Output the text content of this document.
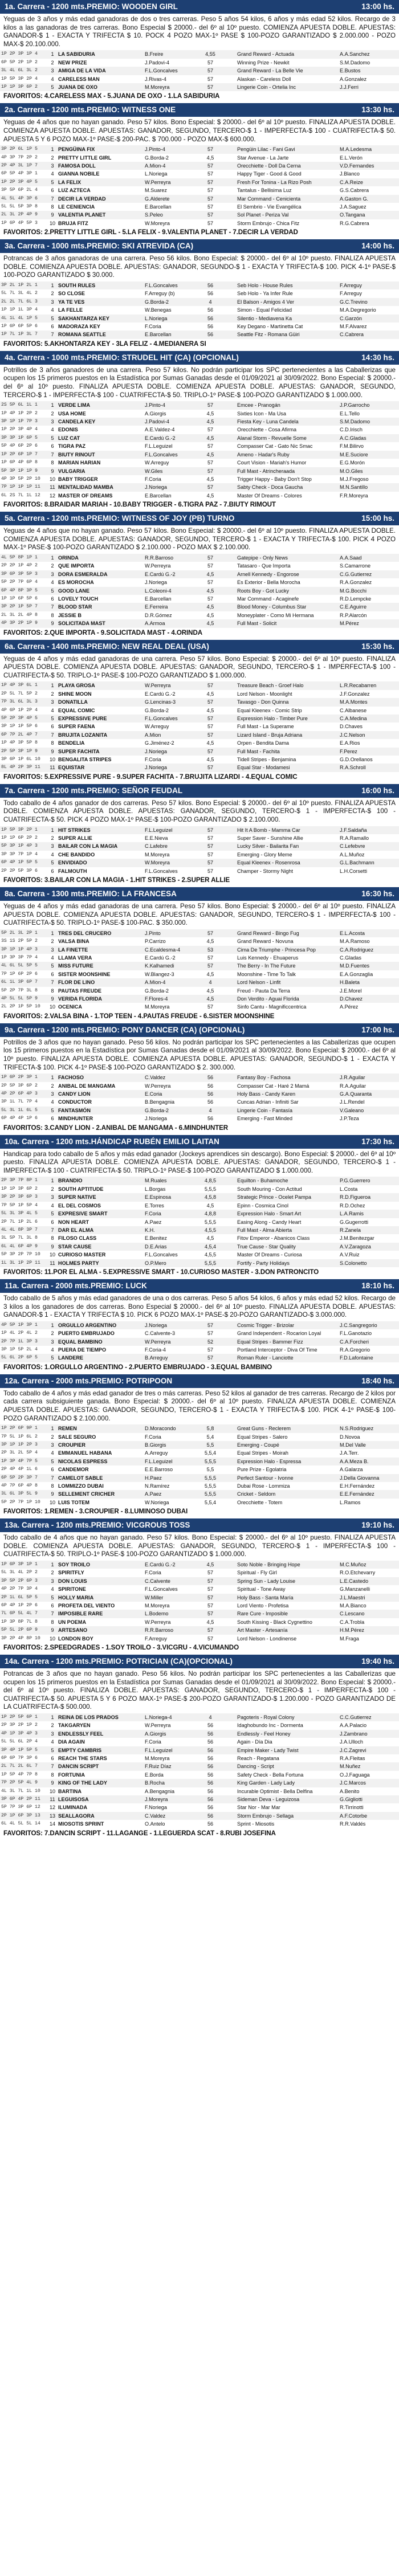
1a. Carrera - 1200 mts.PREMIO: WOODEN GIRL	13:00 hs.

Yeguas de 3 años y más edad ganadoras de dos o tres carreras. Peso 5 años 54 kilos, 6 años y más edad 52 kilos. Recargo de 3 kilos a las ganadoras de tres carreras. Bono Especial $ 20000.- del 6º al 10º puesto. COMIENZA APUESTA DOBLE. APUESTAS: GANADOR-$ 1 - EXACTA Y TRIFECTA $ 10. POCK 4 POZO MAX-1º PASE $ 100-POZO GARANTIZADO $ 2.000.000 - POZO MAX-$ 20.100.000.

1P 2P 3P 1P 4	1	LA SABIDURIA	B.Freire	4,55		Grand Reward - Actuada	A.A.Sanchez
6P 5P 2P 1P 2	2	NEW PRIZE	J.Padovi-4	57		Winning Prize - Newkit	S.M.Dadomo
3L 4L 6L 3L 2	3	AMIGA DE LA VIDA	F.L.Goncalves	57		Grand Reward - La Belle Vie	E.Bustos
1P 5P 3P 2P 4	4	CARELESS MAN	J.Rivas-4	57		Alaskan - Careless Doll	A.Gonzalez
1P 1P 3P 6P 2	5	JUANA DE OXO	M.Moreyra	57		Lingerie Coin - Ortelia Inc	J.J.Ferri
FAVORITOS: 4.CARELESS MAX - 5.JUANA DE OXO - 1.LA SABIDURIA
2a. Carrera - 1200 mts.PREMIO: WITNESS ONE	13:30 hs.

Yeguas de 4 años que no hayan ganado. Peso 57 kilos. Bono Especial: $ 20000.- del 6º al 10º puesto. FINALIZA APUESTA DOBLE. COMIENZA APUESTA DOBLE. APUESTAS: GANADOR, SEGUNDO, TERCERO-$ 1 - IMPERFECTA-$ 100 - CUATRIFECTA-$ 50. APUESTA 5 Y 6 POZO MAX-1º PASE-$ 200-PAC. $ 700.000 - POZO MAX-$ 600.000.

3P 2P 6L 1P 5	1	PENGÜINA FIX	J.Pinto-4	57		Pengüin Lilac - Fani Gavi	M.A.Ledesma
4P 3P 7P 2P 2	2	PRETTY LITTLE GIRL	G.Borda-2	4,5		Star Avenue - La Jarte	E.L.Verón
2P 4P 3L 1P 7	3	FAMOSA DOLL	A.Mion-4	57		Orecchiette - Doll Da Cerna	V.D.Fernandes
6P 5P 4P 3P 1	4	GIANNA NOBILE	L.Noriega	57		Happy Tiger - Good & Good	J.Blanco
1P 2P 3P 4P 5	5	LA FELIX	W.Perreyra	57		Fresh For Tonina - La Rizo Posh	C.A.Reize
3P 5P 6P 2L 4	6	LUZ AZTECA	M.Suarez	57		Tantalus - Bellisima Luz	G.S.Cabrera
4L 5L 4P 3P 6	7	DECIR LA VERDAD	G.Alderete	57		Mar Command - Cenicienta	A.Gaston G.
5L 5L 5P 3P 8	8	LE CENIENCIA	E.Barcellan	57		El Sembrio - Vie Evangélica	J.A.Saguez
2L 3L 2P 4P 9	9	VALENTIA PLANET	S.Peleo	57		Sol Planet - Periza Val	O.Tangana
1P 6P 4P 5P 3	10	BRUJA FITZ	W.Moreyra	57		Storm Embrujo - Chica Fitz	R.G.Cabrera
FAVORITOS: 2.PRETTY LITTLE GIRL - 5.LA FELIX - 9.VALENTIA PLANET - 7.DECIR LA VERDAD
3a. Carrera - 1000 mts.PREMIO: SKI ATREVIDA (CA)	14:00 hs.

Potrancas de 3 años ganadoras de una carrera. Peso 56 kilos. Bono Especial: $ 20000.- del 6º al 10º puesto. FINALIZA APUESTA DOBLE. COMIENZA APUESTA DOBLE. APUESTAS: GANADOR, SEGUNDO-$ 1 - EXACTA Y TRIFECTA-$ 100. PICK 4-1º PASE-$ 100-POZO GARANTIZADO $ 30.000.

3P 2L 1P 2L 1	1	SOUTH RULES	F.L.Goncalves	56		Seb Holo - House Rules	F.Arreguy
5L 7L 3L 4L 2	2	SO CLOSE	F.Arreguy (b)	56		Seb Holo - Ya Infer Rule	F.Arreguy
2L 2L 7L 6L 3	3	YA TE VES	G.Borda-2	4		El Balson - Amigos 4 Ver	G.C.Trevino
1P 1P 1L 3P 4	4	LA FELLE	W.Benegas	56		Simon - Equal Felicidad	M.A.Degregorio
4L 1L 4L 1P 5	5	SAKHANTARZA KEY	L.Noriega	56		Silentio - Mediavena Ka	C.Garzón
1P 6P 6P 5P 6	6	MADORAZA KEY	F.Coria	56		Key Degano - Martinetta Cat	M.F.Alvarez
1P 7L 1P 3L 7	7	ROMANA SEATTLE	E.Barcellan	56		Seattle Fitz - Romana Güiri	C.Cabrera
FAVORITOS: 5.AKHONTARZA KEY - 3LA FELIZ - 4.MEDIANERA SI
4a. Carrera - 1000 mts.PREMIO: STRUDEL HIT (CA) (OPCIONAL)	14:30 hs.

Potrillos de 3 años ganadores de una carrera. Peso 57 kilos. No podrán participar los SPC pertenecientes a las Caballerizas que ocupen los 15 primeros puestos en la Estadística por Sumas Ganadas desde el 01/09/2021 al 30/09/2022. Bono Especial: $ 20000.- del 6º al 10º puesto. FINALIZA APUESTA DOBLE. COMIENZA APUESTA DOBLE. APUESTAS: GANADOR, SEGUNDO, TERCERO-$ 1 - IMPERFECTA-$ 100 - CUATRIFECTA-$ 50. TRIPLO-1º PASE-$ 100-POZO GARANTIZADO $ 1.000.000.

2S 5P 6L 1L 1	1	VERDE LIMA	J.Pinto-4	57		Emcee - Pranogán	J.P.Garrocho
1P 4P 1P 2P 2	2	USA HOME	A.Giorgis	4,5		Sixties Icon - Ma Usa	E.L.Tello
3P 1P 1P 7P 3	3	CANDELA KEY	J.Padovi-4	4,5		Fiesta Key - Luna Candela	S.M.Dadomo
1P 2P 3P 4P 4	4	EDONIS	A.E.Valdez-4	57		Orecchiette - Cosa Afirma	C.D.Irisch
3P 3P 1P 6P 5	5	LUZ CAT	E.Cardú G.-2	4,5		Alanal Storm - Revuelle Some	A.C.Gladas
5P 4P 6P 2P 6	6	TIGRA PAZ	F.L.Leguizel	57		Compasser Cat - Gato Nic Smac	F.M.Bilirvo
1P 2P 6P 1P 7	7	BIUTY RINOUT	F.L.Goncalves	4,5		Ameno - Hadar's Ruby	M.E.Suciore
1P 6P 4P 6P 8	8	MARIAN HARIAN	W.Arreguy	57		Court Vision - Mariah's Humor	E.G.Morón
5P 3P 1P 1P 9	9	VULGARIA	W.Giles	57		Full Mast - Atrincheraada	M.O.Giles
4P 3P 5P 2P 10	10	BABY TRIGGER	F.Coria	4,5		Trigger Happy - Baby Don't Stop	M.J.Fregoso
7P 1P 1P 1P 11	11	MENTALIDAD MAMBA	J.Noriega	57		Sabty Check - Doca Gaucha	M.N.Santillo
6L 2S 7L 1L 12	12	MASTER OF DREAMS	E.Barcellan	4,5		Master Of Dreams - Colores	F.R.Moreyra
FAVORITOS: 8.BRAIDAR MARIAH - 10.BABY TRIGGER - 6.TIGRA PAZ - 7.BIUTY RIMOUT
5a. Carrera - 1200 mts.PREMIO: WITNESS OF JOY (PB) TURNO	15:00 hs.

Yeguas de 4 años que no hayan ganado. Peso 57 kilos. Bono Especial: $ 20000.- del 6º al 10º puesto. FINALIZA APUESTA DOBLE. COMIENZA APUESTA DOBLE. APUESTAS: GANADOR, SEGUNDO, TERCERO-$ 1 - EXACTA Y TRIFECTA-$ 100. PICK 4 POZO MAX-1º PASE-$ 100-POZO GARANTIZADO $ 2.100.000 - POZO MAX $ 2.100.000.

4L 5P 8P 1P 1	1	ORINDA	R.R.Barroso	57		Gatepipe - Only News	A.A.Saad
2P 2P 1P 4P 2	2	QUE IMPORTA	W.Perreyra	57		Tatasaro - Que Importa	S.Camarrone
3P 6P 3P 5P 3	3	DORA ESMERALDA	E.Cardú G.-2	4,5		Arnell Kennedy - Engorose	C.G.Gutierrez
5P 2P 7P 6P 4	4	ES MOROCHA	J.Noriega	57		Es Exterior - Bella Morocha	R.A.Gonzalez
6P 4P 8P 3P 5	5	GOOD LANE	L.Coleoni-4	4,5		Roots Boy - Got Lucky	M.G.Bocchi
1P 1P 6P 5P 6	6	LOVELY TOUCH	E.Barcellan	57		Mar Command - Acaginefe	R.D.Lempcke
3P 2P 1P 5P 7	7	BLOOD STAR	E.Ferreira	4,5		Blood Money - Columbus Star	C.E.Aguirre
2L 3L 2L 4P 8	8	JESSIE B	D.R.Gómez	4,5		Moneyplater - Como Mi Hermana	R.P.Alarcón
4P 3P 2P 1P 9	9	SOLICITADA MAST	A.Armoa	4,5		Full Mast - Solicit	M.Pérez
FAVORITOS: 2.QUE IMPORTA - 9.SOLICITADA MAST - 4.ORINDA
6a. Carrera - 1400 mts.PREMIO: NEW REAL DEAL (USA)	15:30 hs.

Yeguas de 4 años y más edad ganadoras de una carrera. Peso 57 kilos. Bono Especial: $ 20000.- del 6º al 10º puesto. FINALIZA APUESTA DOBLE. COMIENZA APUESTA DOBLE. APUESTAS: GANADOR, SEGUNDO, TERCERO-$ 1 - IMPERFECTA-$ 100 - CUATRIFECTA-$ 50. TRIPLO-1º PASE-$ 100-POZO GARANTIZADO $ 1.000.000.

1P 4P 3P 6L 1	1	PLAYA GROSA	W.Perreyra	57		Treasure Beach - Groef Halo	L.R.Recabarren
2P 5L 7L 5P 2	2	SHINE MOON	E.Cardú G.-2	4,5		Lord Nelson - Moonlight	J.F.Gonzalez
7P 3L 6L 3L 3	3	DONATILLA	G.Lencinas-3	57		Tavasgo - Don Quinna	M.A.Montes
4P 6P 1P 2P 4	4	EQUAL COMIC	G.Borda-2	4,5		Equal Kleenex - Comic Strip	C.Albanese
5P 2P 3P 4P 5	5	EXPRESSIVE PURE	F.L.Goncalves	57		Expression Halo - Timber Pure	C.A.Medina
3P 1P 1P 5P 6	6	SUPER FAENA	W.Arreguy	57		Full Mast - La Superame	D.Chaves
6P 7P 2L 4P 7	7	BRUJITA LOZANITA	A.Mion	57		Lizard Island - Bruja Adriana	J.C.Nelson
1P 4P 3P 5P 8	8	BENDELIA	G.Jiménez-2	4,5		Orpen - Bendita Dama	E.A.Rios
2P 5P 3P 1P 9	9	SUPER FACHITA	J.Noriega	57		Full Mast - Fachita	F.Perez
3P 6P 1P 6L 10	10	BENGALITA STRIPES	F.Coria	4,5		Tidell Stripes - Benjamina	G.D.Orellanos
8L 4P 2P 3P 11	11	EQUISTAR	J.Noriega	57		Equal Star - Modamesi	R.A.Schroll
FAVORITOS: 5.EXPRESSIVE PURE - 9.SUPER FACHITA - 7.BRUJITA LIZARDI - 4.EQUAL COMIC
7a. Carrera - 1200 mts.PREMIO: SEÑOR FEUDAL	16:00 hs.

Todo caballo de 4 años ganador de dos carreras. Peso 57 kilos. Bono Especial: $ 20000.- del 6º al 10º puesto. FINALIZA APUESTA DOBLE. COMIENZA APUESTA DOBLE. APUESTAS: GANADOR, SEGUNDO, TERCERO-$ 1 - IMPERFECTA-$ 100 - CUATRIFECTA-$ 50. PICK 4 POZO MAX-1º PASE-$ 100-POZO GARANTIZADO $ 2.100.000.

1P 5P 3P 2P 1	1	HIT STRIKES	F.L.Leguizel	57		Hit It A Bomb - Mamma Car	J.F.Saldaña
1P 1P 6P 2P 2	2	SUPER ALLIE	E.E.Nieva	57		Super Saver - Sunshine Allie	R.A.Ramallo
5P 3P 1P 4P 3	3	BAILAR CON LA MAGIA	C.Lafebre	57		Lucky Silver - Bailarita Fan	C.Lefebvre
3P 3P 7P 1P 4	4	CHE BANDIDO	M.Moreyra	57		Emerging - Glory Meme	A.L.Muñoz
6P 4P 1P 5P 5	5	ENVIDIADO	W.Moreyra	57		Equal Kleenex - Rosenrosa	G.L.Bachmann
2P 2P 5P 3P 6	6	FALMOUTH	F.L.Goncalves	57		Champer - Stormy Night	L.H.Corsetti
FAVORITOS: 3.BAILAR CON LA MAGIA - 1.HIT STRIKES - 2.SUPER ALLIE
8a. Carrera - 1300 mts.PREMIO: LA FRANCESA	16:30 hs.

Yeguas de 4 años y más edad ganadoras de una carrera. Peso 57 kilos. Bono Especial: $ 20000.- del 6º al 10º puesto. FINALIZA APUESTA DOBLE. COMIENZA APUESTA DOBLE. APUESTAS: GANADOR, SEGUNDO, TERCERO-$ 1 - IMPERFECTA-$ 100 - CUATRIFECTA-$ 50. TRIPLO-1º PASE-$ 100-PAC. $ 350.000.

5P 2L 3L 2P 1	1	TRES DEL CRUCERO	J.Pinto	57		Grand Reward - Bingo Fug	E.L.Acosta
3S 1S 2P 5P 2	2	VALSA BINA	P.Carrizo	4,5		Grand Reward - Novuna	M.A.Ramoso
3P 1P 1P 4P 3	3	LA FINETTE	C.Ecaldesma-4	53		Cima De Triumphe - Princesa Pop	C.A.Rodriguez
1P 3P 3P 7P 4	4	LLAMA VERA	E.Cardú G.-2	57		Luis Kennedy - Ehuaperus	C.Gladas
4L 6L 5L 5P 5	5	MISS FUTURE	K.Kalhamedi	57		The Berry - In The Future	M.D.Fuentes
7P 1P 6P 2P 6	6	SISTER MOONSHINE	W.Blangez-3	4,5		Moonshine - Time To Talk	E.A.Gonzaglia
6L 1L 3P 6P 7	7	FLOR DE LINO	A.Mion-4	4		Lord Nelson - Linfit	H.Baleta
5P 2P 7P 3L 8	8	PAUTAS FREUDE	G.Borda-2	4,5		Freud - Pauta Da Terra	J.E.Morel
4P 5L 5L 5P 9	9	VERIDA FLORIDA	F.Flores-4	4,5		Don Verdito - Aguai Florida	D.Chavez
2L 2P 1P 5P 10	10	OCENICA	M.Moreyra	57		Sinfo Cantu - Magnificcentrica	A.Pérez
FAVORITOS: 2.VALSA BINA - 1.TOP TEEN - 4.PAUTAS FREUDE - 6.SISTER MOONSHINE
9a. Carrera - 1200 mts.PREMIO: PONY DANCER (CA) (OPCIONAL)	17:00 hs.

Potrillos de 3 años que no hayan ganado. Peso 56 kilos. No podrán participar los SPC pertenecientes a las Caballerizas que ocupen los 15 primeros puestos en la Estadística por Sumas Ganadas desde el 01/09/2021 al 30/09/2022. Bono Especial: $ 20000.- del 6º al 10º puesto. FINALIZA APUESTA DOBLE. COMIENZA APUESTA DOBLE. APUESTAS: GANADOR, SEGUNDO-$ 1 - EXACTA Y TRIFECTA-$ 100. PICK 4-1º PASE-$ 100-POZO GARANTIZADO $ 2. 300.000.

1P 6P 2P 3P 1	1	FACHOSO	C.Valdez	56		Fantasy Boy - Fachosa	J.R.Aguilar
2P 5P 3P 6P 2	2	ANIBAL DE MANGAMA	W.Perreyra	56		Compasser Cat - Haré 2 Mamá	R.A.Aguilar
4P 2P 6P 4P 3	3	CANDY LION	E.Coria	56		Holy Bass - Candy Karen	G.A.Quaranta
3P 1L 7L 7P 4	4	CONDUCTOR	B.Bengagnia	56		Cuncas Adrian - Infiniti Sar	J.L.Rendel
5L 3L 1L 6L 5	5	FANTASMÓN	G.Borda-2	4		Lingerie Coin - Fantasía	V.Galeano
6P 4P 4P 1P 6	6	MINDHUNTER	J.Noriega	56		Emerging - Fast Minded	J.P.Teza
FAVORITOS: 3.CANDY LION - 2.ANIBAL DE MANGAMA - 6.MINDHUNTER
10a. Carrera - 1200 mts.HÁNDICAP RUBÉN EMILIO LAITAN	17:30 hs.

Handicap para todo caballo de 5 años y más edad ganador (Jockeys aprendices sin descargo). Bono Especial: $ 20000.- del 6º al 10º puesto. FINALIZA APUESTA DOBLE. COMIENZA APUESTA DOBLE. APUESTAS: GANADOR, SEGUNDO, TERCERO-$ 1 - IMPERFECTA-$ 100 - CUATRIFECTA-$ 50. TRIPLO-1º PASE-$ 100-POZO GARANTIZADO $ 1.000.000.

2P 3P 7P 8P 1	1	BRANDIO	M.Ruales	4,8,5		Equilton - Buhamoche	P.G.Guerrero
1P 1P 3P 6P 2	2	SOUTH APTITUDE	L.Borgas	5,5,5		South Mouring - Con Actitud	L.Costa
3P 2P 3P 6P 3	3	SUPER NATIVE	E.Espinosa	4,5,8		Strategic Prince - Ocelet Pampa	R.D.Figueroa
7P 5P 1P 5P 4	4	EL DEL COSMOS	E.Torres	4,5		Epinn - Cosmica Cinol	R.D.Ochez
5L 3L 3P 4L 5	5	EXPRESIVE SMART	F.Coria	4,8,8		Expression Halo - Smart Art	L.A.Ramis
2P 7L 1P 2L 6	6	NON HEART	A.Paez	5,5,5		Easing Along - Candy Heart	G.Gugerrotti
4L 4L 8P 3P 7	7	DAR EL ALMA	K.H.	4,5,5		Full Mast - Alma Abierta	R.Zanela
3L 5P 7L 3L 8	8	FILOSO CLASS	E.Benitez	4,5		Fitov Emperor - Abanicos Class	J.M.Benitezgar
6L 4L 6P 4P 9	9	STAR CAUSE	D.E.Arias	4,5,4		True Cause - Star Quality	A.V.Zaragoza
5P 3P 2P 7P 10	10	CURIOSO MASTER	F.L.Goncalves	4,5,5		Master Of Dreams - Curiosa	A.V.Ruiz
1L 3L 1P 2P 11	11	HOLMES PARTY	O.P.Mero	5,5,5		Fortify - Party Holidays	S.Colonetto
FAVORITOS: 11.POR EL ALMA - 5.EXPRESSIVE SMART - 10.CURIOSO MASTER - 3.DON PATRONCITO
11a. Carrera - 2000 mts.PREMIO: LUCK	18:10 hs.

Todo caballo de 5 años y más edad ganadores de una o dos carreras. Peso 5 años 54 kilos, 6 años y más edad 52 kilos. Recargo de 3 kilos a los ganadores de dos carreras. Bono Especial $ 20000.- del 6º al 10º puesto. FINALIZA APUESTA DOBLE. APUESTAS: GANADOR-$ 1 - EXACTA Y TRIFECTA $ 10. PICK 6 POZO MAX-1º PASE-$ 20-POZO GARANTIZADO-$ 3.000.000.

4P 5P 1P 3P 1	1	ORGULLO ARGENTINO	J.Noriega	57		Cosmic Trigger - Brizolar	J.C.Sangregorio
1P 4L 2P 4L 2	2	PUERTO EMBRUJADO	C.Calvente-3	57		Grand Independent - Rocarion Loyal	F.L.Ganotazio
2P 7P 1L 3P 3	3	EQUAL BAMBINO	W.Perreyra	52		Equal Stripes - Bammer Fizz	C.A.Forcheri
3P 1P 5P 2L 4	4	PUERA DE TIEMPO	F.Coria-4	57		Portland Interceptor - Diva Of Time	R.A.Gregorio
5L 6L 2P 6P 5	5	LANDERE	B.Arreguy	57		Roman Ruler - Lanciotte	F.D.Lafontaine
FAVORITOS: 1.ORGULLO ARGENTINO - 2.PUERTO EMBRUJADO - 3.EQUAL BAMBINO
12a. Carrera - 2000 mts.PREMIO: POTRIPOON	18:40 hs.

Todo caballo de 4 años y más edad ganador de tres o más carreras. Peso 52 kilos al ganador de tres carreras. Recargo de 2 kilos por cada carrera subsiguiente ganada. Bono Especial: $ 20000.- del 6º al 10º puesto. FINALIZA APUESTA DOBLE. COMIENZA APUESTA DOBLE. APUESTAS: GANADOR, SEGUNDO, TERCERO-$ 1 - EXACTA Y TRIFECTA-$ 100. PICK 4-1º PASE-$ 100-POZO GARANTIZADO $ 2.100.000.

1P 2P 6P 9P 1	1	REMEN	D.Moracondo	5,8		Great Guns - Reclerem	N.S.Rodriguez
7P 5L 1P 6L 2	2	SALE SEGURO	F.Coria	5,4		Equal Stripes - Salero	D.Novoa
3P 1P 1P 2P 3	3	CROUPIER	B.Giorgis	5,5		Emerging - Coupé	M.Del Valle
2P 3L 2L 5P 4	4	EMMANUEL HABANA	A.Arreguy	5,5,4		Equal Stripes - Moirah	J.A.Terr.
1P 3P 4P 7P 5	5	NICOLAS ESPRESS	F.L.Leguizel	5,5,5		Expression Halo - Espressa	A.A.Meza B.
2P 4P 4P 1L 6	6	CANDEMOR	E.E.Barroso	5,5		Pure Prize - Egolatria	A.Galarza
6P 5P 2P 3P 7	7	CAMELOT SABLE	H.Paez	5,5,5		Perfect Santour - Ivonne	J.Della Giovanna
4P 7P 6P 4P 8	8	LOMMIZZO DUBAI	N.Ramírez	5,5,5		Dubai Rose - Lommiza	E.H.Fernández
3L 6L 3P 5L 9	9	SELLEMENT CRICHER	A.Paez	5,5,5		Cricket - Seldom	E.E.Fernández
5P 2P 7P 1P 10	10	LUIS TOTEM	W.Noriega	5,5,4		Orecchiette - Totem	L.Ramos
FAVORITOS: 1.REMEN - 3.CROUPIER - 8.LUMINOSO DUBAI
13a. Carrera - 1200 mts.PREMIO: VICGROUS TOSS	19:10 hs.

Todo caballo de 4 años que no hayan ganado. Peso 57 kilos. Bono Especial: $ 20000.- del 6º al 10º puesto. FINALIZA APUESTA DOBLE. COMIENZA APUESTA DOBLE. APUESTAS: GANADOR, SEGUNDO, TERCERO-$ 1 - IMPERFECTA-$ 100 - CUATRIFECTA-$ 50. TRIPLO-1º PASE-$ 100-POZO GARANTIZADO $ 1.000.000.

1P 6P 3P 1P 1	1	SOY TROILO	E.Cardú G.-2	4,5		Soto Noble - Bringing Hope	M.C.Muñoz
5L 3L 4L 2P 2	2	SPIRITFLY	F.Coria	57		Spiritual - Fly Girl	R.O.Etchevarry
3P 5P 2P 6P 3	3	DON LOUIS	C.Calvente	57		Spring Sun - Lady Louise	L.E.Castedo
4P 2P 7P 3P 4	4	SPIRITONE	F.L.Goncalves	57		Spiritual - Tone Away	G.Manzanelli
2P 1L 6L 5P 5	5	HOLLY MARIA	W.Miller	57		Holy Bass - Santa María	J.L.Maestri
6P 4P 1P 2P 6	6	PROFETA DEL VIENTO	M.Moreyra	57		Lord Viento - Profetisa	M.A.Bianco
7L 6P 5L 4L 7	7	IMPOSIBLE RARE	L.Bodemo	57		Rare Cure - Imposible	C.Lescano
1P 3P 8P 7L 8	8	UN POEMA	W.Perreyra	4,5		South Kissing - Black Cygnettino	C.A.Trobla
5P 5L 2P 6P 9	9	ARTESANO	R.R.Barroso	57		Art Master - Artesanía	H.M.Pérez
3P 2P 4P 8P 10	10	LONDON BOY	F.Arreguy	57		Lord Nelson - Londinense	M.Fraga
FAVORITOS: 2.SPEEDGRADES - 1.SOY TROILO - 3.VICGRU - 4.VICUMANDO
14a. Carrera - 1200 mts.PREMIO: POTRICIAN (CA)(OPCIONAL)	19:40 hs.

Potrancas de 3 años que no hayan ganado. Peso 56 kilos. No podrán participar los SPC pertenecientes a las Caballerizas que ocupen los 15 primeros puestos en la Estadística por Sumas Ganadas desde el 01/09/2021 al 30/09/2022. Bono Especial: $ 20000.- del 6º al 10º puesto. FINALIZA DOBLE. APUESTAS: GANADOR, SEGUNDO, TERCERO-$ 1 - IMPERFECTA-$ 100 - CUATRIFECTA-$ 50. APUESTA 5 Y 6 POZO MAX-1º PASE-$ 200-POZO GARANTIZADO-$ 1.200.000 - POZO GARANTIZADO DE LA CUATRIFECTA-$ 500.000.

1P 2P 5P 6P 1	1	REINA DE LOS PRADOS	L.Noriega-4	4		Pagoteris - Royal Colony	C.C.Gutierrez
2P 3P 2P 1P 2	2	TAKGARYEN	W.Perreyra	56		Idaghobundo Inc - Dormenta	A.A.Palacio
4P 1P 3P 4P 3	3	ENDLESSLY FEEL	A.Giorgis	56		Endlessly - Feel Honey	J.Zambrano
5L 5L 6L 2P 4	4	DIA AGAIN	F.Coria	56		Again - Día Dia	J.A.Ulloch
3P 4P 1P 5P 5	5	EMPTY CAMBRIS	F.L.Leguizel	56		Empire Maker - Lady Twist	J.C.Zagrevi
6P 6P 7P 3P 6	6	REACH THE STARS	M.Moreyra	56		Reach - Regatana	R.A.Fleitas
2L 7L 2L 6L 7	7	DANCIN SCRIPT	F.Ruiz Díaz	56		Dancing - Script	M.Nuñez
1P 5P 4P 7P 8	8	FORTUNIA	E.Borda	56		Safety Check - Bella Fortuna	O.J.Faguaga
7P 2P 5P 4L 9	9	KING OF THE LADY	B.Rocha	56		King Garden - Lady Lady	J.C.Marcos
4L 3L 7L 1L 10	10	BARTINA	A.Bengagnia	56		Incurable Optimist - Bella Delfina	A.Benito
3P 6P 4P 2P 11	11	LEGUISOSA	J.Moreyra	56		Sideman Deva - Leguizosa	G.Gigliotti
5P 7P 3P 6P 12	12	ILUMINADA	F.Noriega	56		Star Nor - Mar Mar	R.Tirrinotti
2P 1P 6P 3P 13	13	SEALLAGORA	C.Valdez	56		Storm Embrujo - Sellaga	A.F.Cotorbe
6L 4L 5L 5L 14	14	MIOSOTIS SPRINT	O.Antelo	56		Sprint - Miosotis	R.R.Valdés
FAVORITOS: 7.DANCIN SCRIPT - 11.LAGANGE - 1.LEGUERDA SCAT - 8.RUBI JOSEFINA
